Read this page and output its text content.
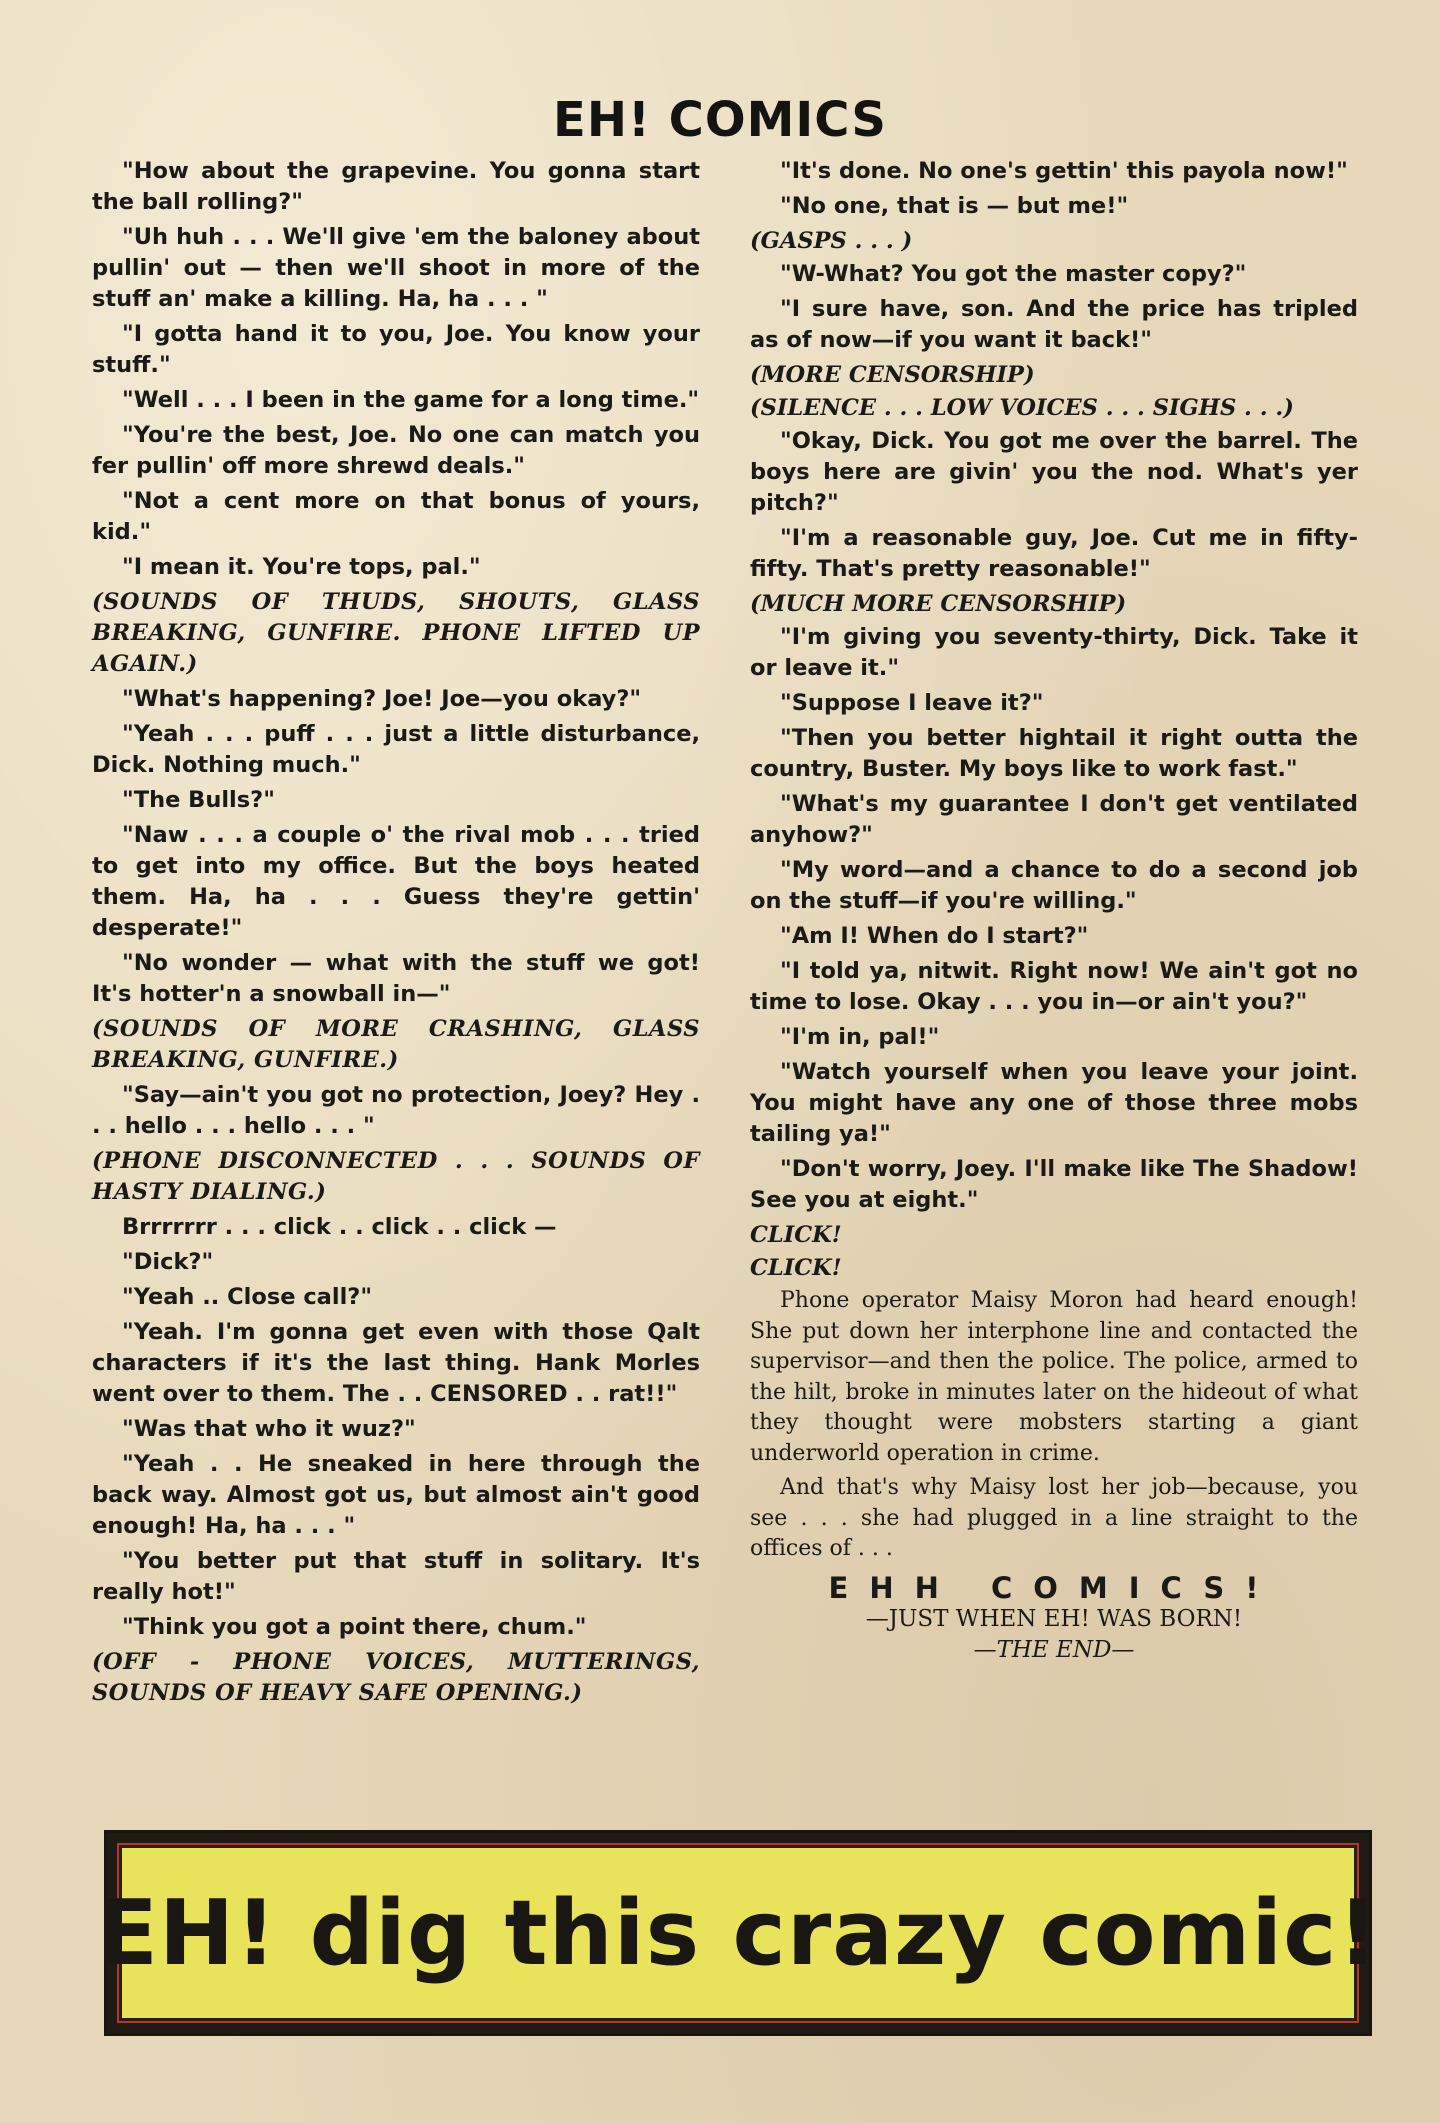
EH! COMICS

"How about the grapevine. You gonna start the ball rolling?"

"Uh huh . . . We'll give 'em the baloney about pullin' out — then we'll shoot in more of the stuff an' make a killing. Ha, ha . . . "

"I gotta hand it to you, Joe. You know your stuff."

"Well . . . I been in the game for a long time."

"You're the best, Joe. No one can match you fer pullin' off more shrewd deals."

"Not a cent more on that bonus of yours, kid."

"I mean it. You're tops, pal."

(SOUNDS OF THUDS, SHOUTS, GLASS BREAKING, GUNFIRE. PHONE LIFTED UP AGAIN.)

"What's happening? Joe! Joe—you okay?"

"Yeah . . . puff . . . just a little disturbance, Dick. Nothing much."

"The Bulls?"

"Naw . . . a couple o' the rival mob . . . tried to get into my office. But the boys heated them. Ha, ha . . . Guess they're gettin' desperate!"

"No wonder — what with the stuff we got! It's hotter'n a snowball in—"

(SOUNDS OF MORE CRASHING, GLASS BREAKING, GUNFIRE.)

"Say—ain't you got no protection, Joey? Hey . . . hello . . . hello . . . "

(PHONE DISCONNECTED . . . SOUNDS OF HASTY DIALING.)

Brrrrrrr . . . click . . click . . click —

"Dick?"

"Yeah .. Close call?"

"Yeah. I'm gonna get even with those Qalt characters if it's the last thing. Hank Morles went over to them. The . . CENSORED . . rat!!"

"Was that who it wuz?"

"Yeah . . He sneaked in here through the back way. Almost got us, but almost ain't good enough! Ha, ha . . . "

"You better put that stuff in solitary. It's really hot!"

"Think you got a point there, chum."

(OFF - PHONE VOICES, MUTTERINGS, SOUNDS OF HEAVY SAFE OPENING.)

"It's done. No one's gettin' this payola now!"

"No one, that is — but me!"

(GASPS . . . )

"W-What? You got the master copy?"

"I sure have, son. And the price has tripled as of now—if you want it back!"

(MORE CENSORSHIP)

(SILENCE . . . LOW VOICES . . . SIGHS . . .)

"Okay, Dick. You got me over the barrel. The boys here are givin' you the nod. What's yer pitch?"

"I'm a reasonable guy, Joe. Cut me in fifty-fifty. That's pretty reasonable!"

(MUCH MORE CENSORSHIP)

"I'm giving you seventy-thirty, Dick. Take it or leave it."

"Suppose I leave it?"

"Then you better hightail it right outta the country, Buster. My boys like to work fast."

"What's my guarantee I don't get ventilated anyhow?"

"My word—and a chance to do a second job on the stuff—if you're willing."

"Am I! When do I start?"

"I told ya, nitwit. Right now! We ain't got no time to lose. Okay . . . you in—or ain't you?"

"I'm in, pal!"

"Watch yourself when you leave your joint. You might have any one of those three mobs tailing ya!"

"Don't worry, Joey. I'll make like The Shadow! See you at eight."

CLICK!

CLICK!

Phone operator Maisy Moron had heard enough! She put down her interphone line and contacted the supervisor—and then the police. The police, armed to the hilt, broke in minutes later on the hideout of what they thought were mobsters starting a giant underworld operation in crime.

And that's why Maisy lost her job—because, you see . . . she had plugged in a line straight to the offices of . . .

EHH COMICS!
—JUST WHEN EH! WAS BORN!
—THE END—
EH! dig this crazy comic!
